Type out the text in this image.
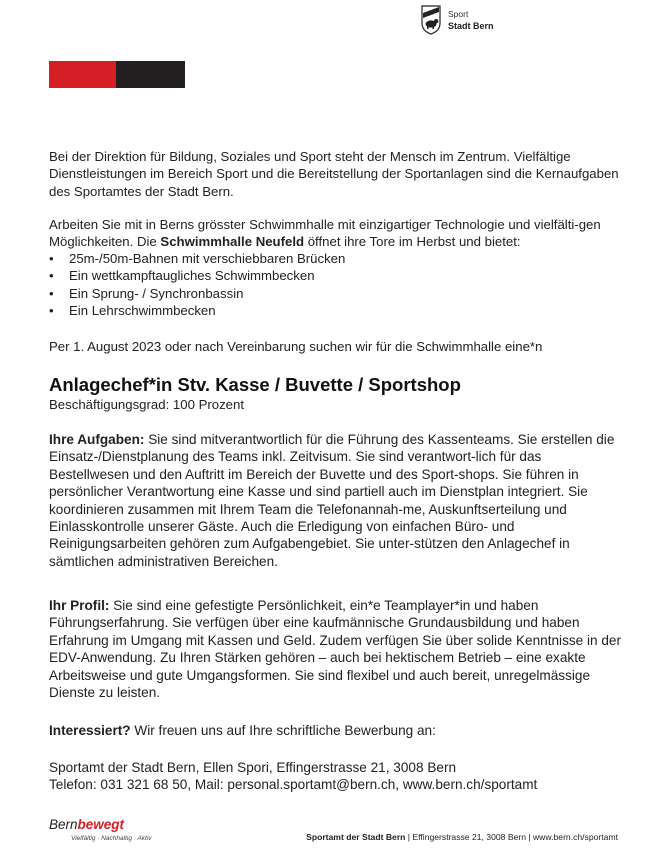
Sport
Stadt Bern

Bei der Direktion für Bildung, Soziales und Sport steht der Mensch im Zentrum. Vielfältige Dienstleistungen im Bereich Sport und die Bereitstellung der Sportanlagen sind die Kernaufgaben des Sportamtes der Stadt Bern.

Arbeiten Sie mit in Berns grösster Schwimmhalle mit einzigartiger Technologie und vielfälti-gen Möglichkeiten. Die Schwimmhalle Neufeld öffnet ihre Tore im Herbst und bietet:

• 25m-/50m-Bahnen mit verschiebbaren Brücken
• Ein wettkampftaugliches Schwimmbecken
• Ein Sprung- / Synchronbassin
• Ein Lehrschwimmbecken

Per 1. August 2023 oder nach Vereinbarung suchen wir für die Schwimmhalle eine*n

Anlagechef*in Stv. Kasse / Buvette / Sportshop
Beschäftigungsgrad: 100 Prozent

Ihre Aufgaben: Sie sind mitverantwortlich für die Führung des Kassenteams. Sie erstellen die Einsatz-/Dienstplanung des Teams inkl. Zeitvisum. Sie sind verantwort-lich für das Bestellwesen und den Auftritt im Bereich der Buvette und des Sport-shops. Sie führen in persönlicher Verantwortung eine Kasse und sind partiell auch im Dienstplan integriert. Sie koordinieren zusammen mit Ihrem Team die Telefonannah-me, Auskunftserteilung und Einlasskontrolle unserer Gäste. Auch die Erledigung von einfachen Büro- und Reinigungsarbeiten gehören zum Aufgabengebiet. Sie unter-stützen den Anlagechef in sämtlichen administrativen Bereichen.

Ihr Profil: Sie sind eine gefestigte Persönlichkeit, ein*e Teamplayer*in und haben Führungserfahrung. Sie verfügen über eine kaufmännische Grundausbildung und haben Erfahrung im Umgang mit Kassen und Geld. Zudem verfügen Sie über solide Kenntnisse in der EDV-Anwendung. Zu Ihren Stärken gehören – auch bei hektischem Betrieb – eine exakte Arbeitsweise und gute Umgangsformen. Sie sind flexibel und auch bereit, unregelmässige Dienste zu leisten.

Interessiert? Wir freuen uns auf Ihre schriftliche Bewerbung an:

Sportamt der Stadt Bern, Ellen Spori, Effingerstrasse 21, 3008 Bern
Telefon: 031 321 68 50, Mail: personal.sportamt@bern.ch, www.bern.ch/sportamt
Bern bewegt
Vielfältig · Nachhaltig · Aktiv	Sportamt der Stadt Bern | Effingerstrasse 21, 3008 Bern | www.bern.ch/sportamt
